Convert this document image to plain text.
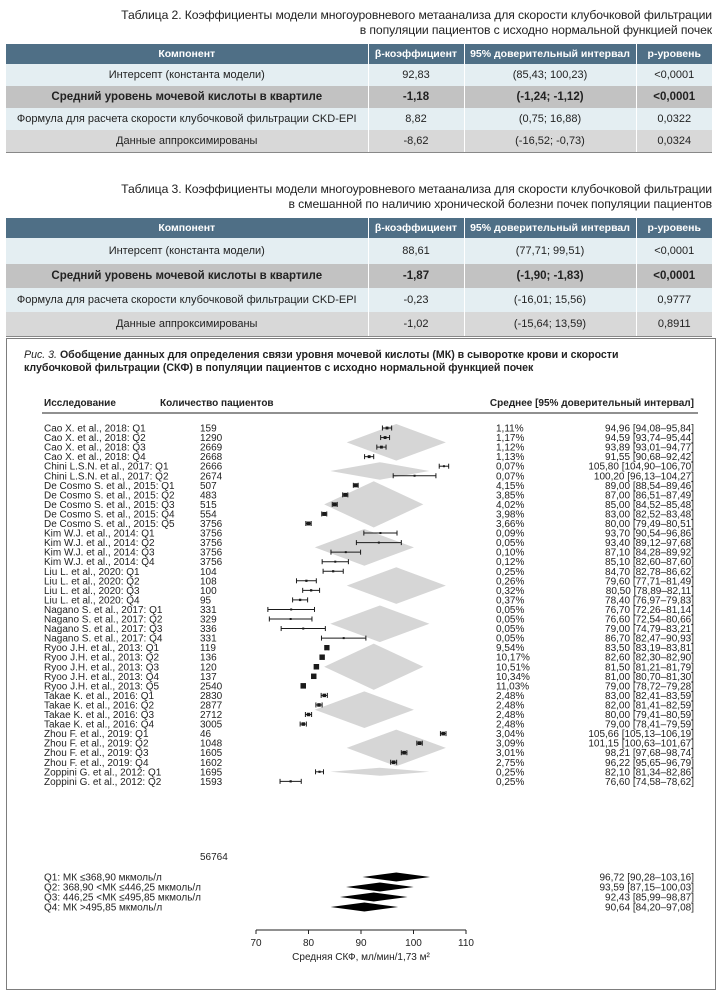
Таблица 2. Коэффициенты модели многоуровневого метаанализа для скорости клубочковой фильтрации
в популяции пациентов с исходно нормальной функцией почек
Компонент	β-коэффициент	95% доверительный интервал	p-уровень
Интерсепт (константа модели)	92,83	(85,43; 100,23)	<0,0001
Средний уровень мочевой кислоты в квартиле	-1,18	(-1,24; -1,12)	<0,0001
Формула для расчета скорости клубочковой фильтрации CKD-EPI	8,82	(0,75; 16,88)	0,0322
Данные аппроксимированы	-8,62	(-16,52; -0,73)	0,0324
Таблица 3. Коэффициенты модели многоуровневого метаанализа для скорости клубочковой фильтрации
в смешанной по наличию хронической болезни почек популяции пациентов
Компонент	β-коэффициент	95% доверительный интервал	p-уровень
Интерсепт (константа модели)	88,61	(77,71; 99,51)	<0,0001
Средний уровень мочевой кислоты в квартиле	-1,87	(-1,90; -1,83)	<0,0001
Формула для расчета скорости клубочковой фильтрации CKD-EPI	-0,23	(-16,01; 15,56)	0,9777
Данные аппроксимированы	-1,02	(-15,64; 13,59)	0,8911
Рис. 3. Обобщение данных для определения связи уровня мочевой кислоты (МК) в сыворотке крови и скорости
клубочковой фильтрации (СКФ) в популяции пациентов с исходно нормальной функцией почек
Исследование	Количество пациентов	Среднее [95% доверительный интервал]
Cao X. et al., 2018: Q1	159	1,11%	94,96 [94,08–95,84]
Cao X. et al., 2018: Q2	1290	1,17%	94,59 [93,74–95,44]
Cao X. et al., 2018: Q3	2669	1,12%	93,89 [93,01–94,77]
Cao X. et al., 2018: Q4	2668	1,13%	91,55 [90,68–92,42]
Chini L.S.N. et al., 2017: Q1	2666	0,07%	105,80 [104,90–106,70]
Chini L.S.N. et al., 2017: Q2	2674	0,07%	100,20 [96,13–104,27]
De Cosmo S. et al., 2015: Q1	507	4,15%	89,00 [88,54–89,46]
De Cosmo S. et al., 2015: Q2	483	3,85%	87,00 [86,51–87,49]
De Cosmo S. et al., 2015: Q3	515	4,02%	85,00 [84,52–85,48]
De Cosmo S. et al., 2015: Q4	554	3,98%	83,00 [82,52–83,48]
De Cosmo S. et al., 2015: Q5	3756	3,66%	80,00 [79,49–80,51]
Kim W.J. et al., 2014: Q1	3756	0,09%	93,70 [90,54–96,86]
Kim W.J. et al., 2014: Q2	3756	0,05%	93,40 [89,12–97,68]
Kim W.J. et al., 2014: Q3	3756	0,10%	87,10 [84,28–89,92]
Kim W.J. et al., 2014: Q4	3756	0,12%	85,10 [82,60–87,60]
Liu L. et al., 2020: Q1	104	0,25%	84,70 [82,78–86,62]
Liu L. et al., 2020: Q2	108	0,26%	79,60 [77,71–81,49]
Liu L. et al., 2020: Q3	100	0,32%	80,50 [78,89–82,11]
Liu L. et al., 2020: Q4	95	0,37%	78,40 [76,97–79,83]
Nagano S. et al., 2017: Q1	331	0,05%	76,70 [72,26–81,14]
Nagano S. et al., 2017: Q2	329	0,05%	76,60 [72,54–80,66]
Nagano S. et al., 2017: Q3	336	0,05%	79,00 [74,79–83,21]
Nagano S. et al., 2017: Q4	331	0,05%	86,70 [82,47–90,93]
Ryoo J.H. et al., 2013: Q1	119	9,54%	83,50 [83,19–83,81]
Ryoo J.H. et al., 2013: Q2	136	10,17%	82,60 [82,30–82,90]
Ryoo J.H. et al., 2013: Q3	120	10,51%	81,50 [81,21–81,79]
Ryoo J.H. et al., 2013: Q4	137	10,34%	81,00 [80,70–81,30]
Ryoo J.H. et al., 2013: Q5	2540	11,03%	79,00 [78,72–79,28]
Takae K. et al., 2016: Q1	2830	2,48%	83,00 [82,41–83,59]
Takae K. et al., 2016: Q2	2877	2,48%	82,00 [81,41–82,59]
Takae K. et al., 2016: Q3	2712	2,48%	80,00 [79,41–80,59]
Takae K. et al., 2016: Q4	3005	2,48%	79,00 [78,41–79,59]
Zhou F. et al., 2019: Q1	46	3,04%	105,66 [105,13–106,19]
Zhou F. et al., 2019: Q2	1048	3,09%	101,15 [100,63–101,67]
Zhou F. et al., 2019: Q3	1605	3,01%	98,21 [97,68–98,74]
Zhou F. et al., 2019: Q4	1602	2,75%	96,22 [95,65–96,79]
Zoppini G. et al., 2012: Q1	1695	0,25%	82,10 [81,34–82,86]
Zoppini G. et al., 2012: Q2	1593	0,25%	76,60 [74,58–78,62]
56764
Q1: МК ≤368,90 мкмоль/л	96,72 [90,28–103,16]
Q2: 368,90 <МК ≤446,25 мкмоль/л	93,59 [87,15–100,03]
Q3: 446,25 <МК ≤495,85 мкмоль/л	92,43 [85,99–98,87]
Q4: МК >495,85 мкмоль/л	90,64 [84,20–97,08]
70	80	90	100	110
Средняя СКФ, мл/мин/1,73 м²
